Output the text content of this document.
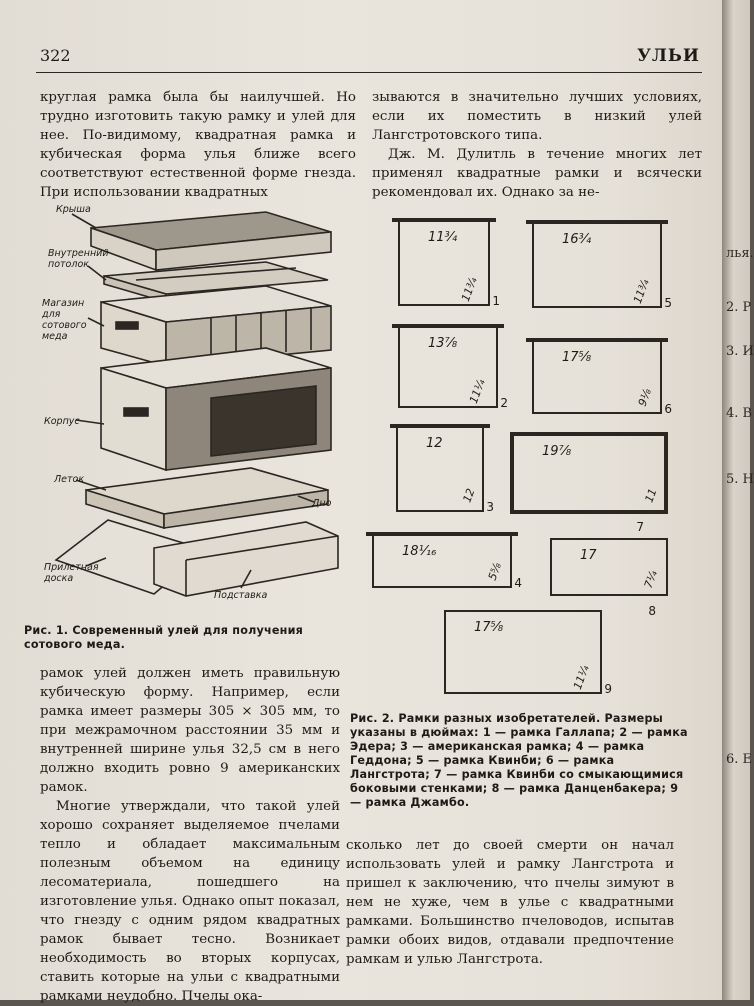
322	УЛЬИ

круглая рамка была бы наилучшей. Но трудно изготовить такую рамку и улей для нее. По-видимому, квадратная рамка и кубическая форма улья ближе всего соответствуют естественной форме гнезда. При использовании квадратных

зываются в значительно лучших условиях, если их поместить в низкий улей Лангстротовского типа.

Дж. М. Дулитль в течение многих лет применял квадратные рамки и всячески рекомендовал их. Однако за не-

Крыша
Внутренний потолок
Магазин для сотового меда
Корпус
Леток
Дно
Прилетная доска
Подставка
Рис. 1. Современный улей для получения сотового меда.
11¾
11¾ 1
16¾
11¾ 5
13⅞
11¼ 2
17⅝
9⅛
6
12
12
3
19⅞
11
7
18¹⁄₁₆
5⅝
4
17
7¼
8
17⅝
11¼ 9
Рис. 2. Рамки разных изобретателей. Размеры указаны в дюймах: 1 — рамка Галлапа; 2 — рамка Эдера; 3 — американская рамка; 4 — рамка Геддона; 5 — рамка Квинби; 6 — рамка Лангстрота; 7 — рамка Квинби со смыкающимися боковыми стенками; 8 — рамка Данценбакера; 9 — рамка Джамбо.

рамок улей должен иметь правильную кубическую форму. Например, если рамка имеет размеры 305 × 305 мм, то при межрамочном расстоянии 35 мм и внутренней ширине улья 32,5 см в него должно входить ровно 9 американских рамок.

Многие утверждали, что такой улей хорошо сохраняет выделяемое пчелами тепло и обладает максимальным полезным объемом на единицу лесоматериала, пошедшего на изготовление улья. Однако опыт показал, что гнезду с одним рядом квадратных рамок бывает тесно. Возникает необходимость во вторых корпусах, ставить которые на ульи с квадратными рамками неудобно. Пчелы ока-

сколько лет до своей смерти он начал использовать улей и рамку Лангстрота и пришел к заключению, что пчелы зимуют в нем не хуже, чем в улье с квадратными рамками. Большинство пчеловодов, испытав рамки обоих видов, отдавали предпочтение рамкам и улью Лангстрота.

лья.
2. Р
3. И
4. В
5. Н
6. Е
